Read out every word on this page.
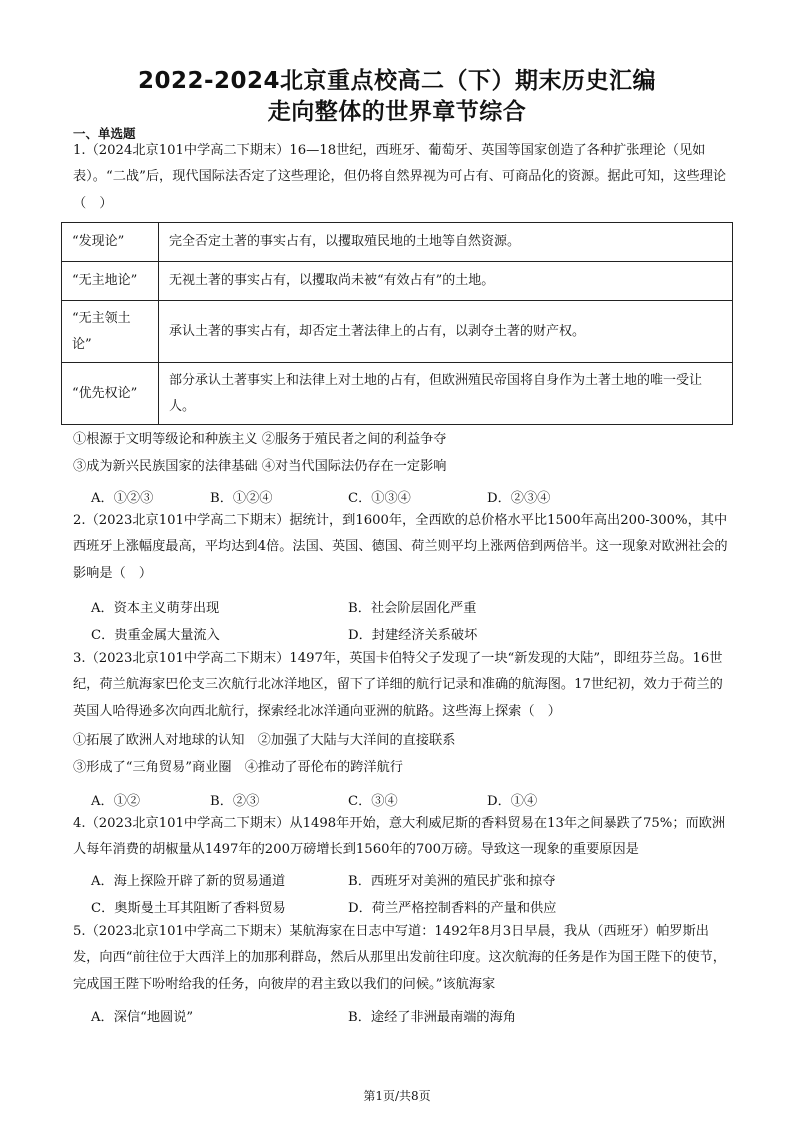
2022-2024北京重点校高二（下）期末历史汇编
走向整体的世界章节综合
一、单选题

1.（2024北京101中学高二下期末）16—18世纪，西班牙、葡萄牙、英国等国家创造了各种扩张理论（见如表）。“二战”后，现代国际法否定了这些理论，但仍将自然界视为可占有、可商品化的资源。据此可知，这些理论（　）

“发现论”	完全否定土著的事实占有，以攫取殖民地的土地等自然资源。
“无主地论”	无视土著的事实占有，以攫取尚未被“有效占有”的土地。
“无主领土论”	承认土著的事实占有，却否定土著法律上的占有，以剥夺土著的财产权。
“优先权论”	部分承认土著事实上和法律上对土地的占有，但欧洲殖民帝国将自身作为土著土地的唯一受让人。

①根源于文明等级论和种族主义 ②服务于殖民者之间的利益争夺

③成为新兴民族国家的法律基础 ④对当代国际法仍存在一定影响

A．①②③	B．①②④	C．①③④	D．②③④

2.（2023北京101中学高二下期末）据统计，到1600年，全西欧的总价格水平比1500年高出200-300%，其中西班牙上涨幅度最高，平均达到4倍。法国、英国、德国、荷兰则平均上涨两倍到两倍半。这一现象对欧洲社会的影响是（　）

A．资本主义萌芽出现	B．社会阶层固化严重
C．贵重金属大量流入	D．封建经济关系破坏

3.（2023北京101中学高二下期末）1497年，英国卡伯特父子发现了一块“新发现的大陆”，即纽芬兰岛。16世纪，荷兰航海家巴伦支三次航行北冰洋地区，留下了详细的航行记录和准确的航海图。17世纪初，效力于荷兰的英国人哈得逊多次向西北航行，探索经北冰洋通向亚洲的航路。这些海上探索（　）

①拓展了欧洲人对地球的认知　②加强了大陆与大洋间的直接联系

③形成了“三角贸易”商业圈　④推动了哥伦布的跨洋航行

A．①②	B．②③	C．③④	D．①④

4.（2023北京101中学高二下期末）从1498年开始，意大利威尼斯的香料贸易在13年之间暴跌了75%；而欧洲人每年消费的胡椒量从1497年的200万磅增长到1560年的700万磅。导致这一现象的重要原因是

A．海上探险开辟了新的贸易通道	B．西班牙对美洲的殖民扩张和掠夺
C．奥斯曼土耳其阻断了香料贸易	D．荷兰严格控制香料的产量和供应

5.（2023北京101中学高二下期末）某航海家在日志中写道：1492年8月3日早晨，我从（西班牙）帕罗斯出发，向西“前往位于大西洋上的加那利群岛，然后从那里出发前往印度。这次航海的任务是作为国王陛下的使节，完成国王陛下吩咐给我的任务，向彼岸的君主致以我们的问候。”该航海家

A．深信“地圆说”	B．途经了非洲最南端的海角
第1页/共8页
